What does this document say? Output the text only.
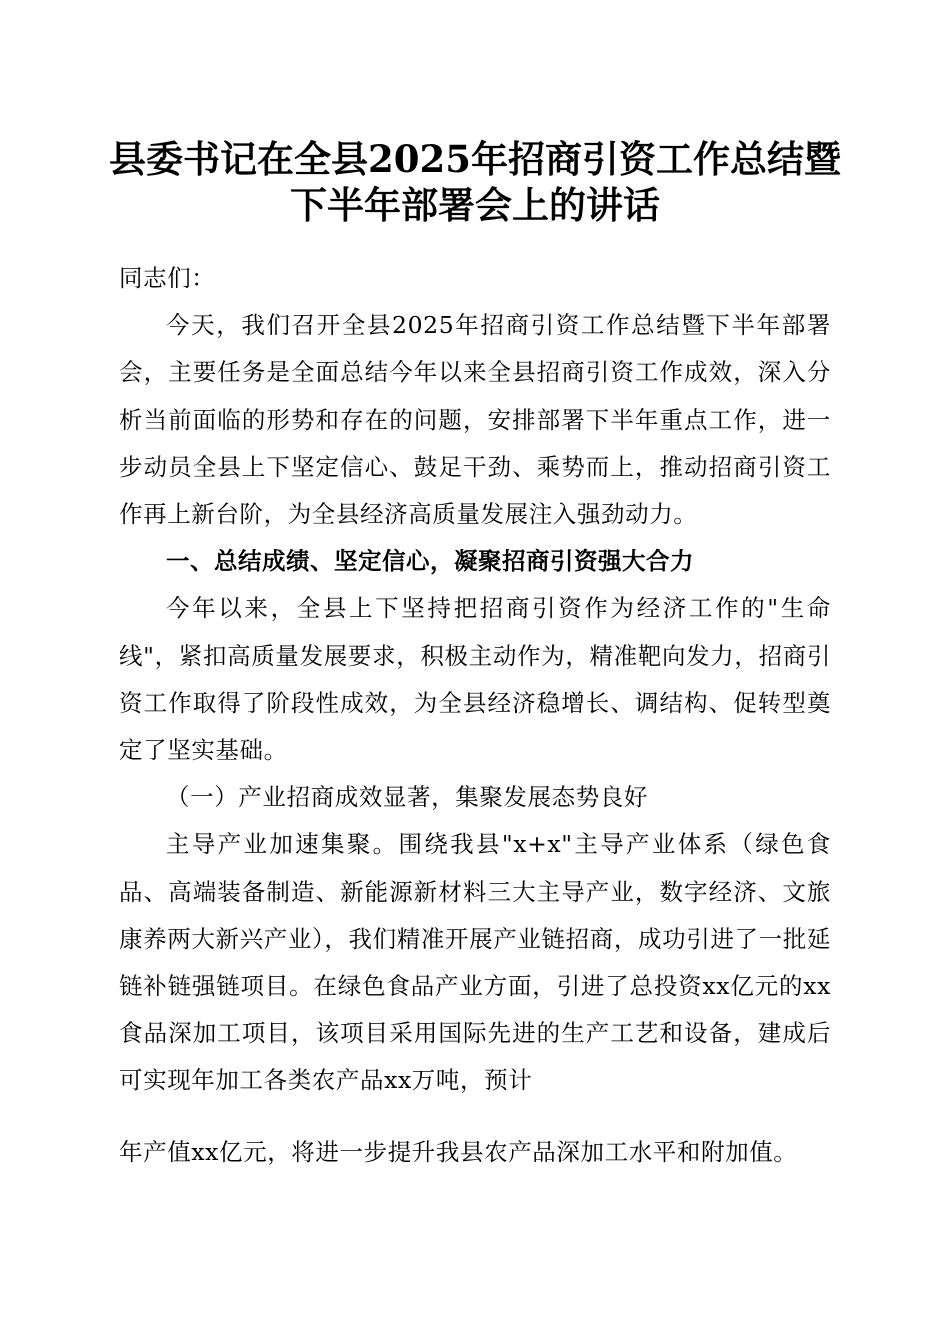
县委书记在全县2025年招商引资工作总结暨
下半年部署会上的讲话

同志们：

今天，我们召开全县2025年招商引资工作总结暨下半年部署会，主要任务是全面总结今年以来全县招商引资工作成效，深入分析当前面临的形势和存在的问题，安排部署下半年重点工作，进一步动员全县上下坚定信心、鼓足干劲、乘势而上，推动招商引资工作再上新台阶，为全县经济高质量发展注入强劲动力。

一、总结成绩、坚定信心，凝聚招商引资强大合力

今年以来，全县上下坚持把招商引资作为经济工作的"生命线"，紧扣高质量发展要求，积极主动作为，精准靶向发力，招商引资工作取得了阶段性成效，为全县经济稳增长、调结构、促转型奠定了坚实基础。

（一）产业招商成效显著，集聚发展态势良好

主导产业加速集聚。围绕我县"x+x"主导产业体系（绿色食品、高端装备制造、新能源新材料三大主导产业，数字经济、文旅康养两大新兴产业），我们精准开展产业链招商，成功引进了一批延链补链强链项目。在绿色食品产业方面，引进了总投资xx亿元的xx食品深加工项目，该项目采用国际先进的生产工艺和设备，建成后可实现年加工各类农产品xx万吨，预计

年产值xx亿元，将进一步提升我县农产品深加工水平和附加值。
